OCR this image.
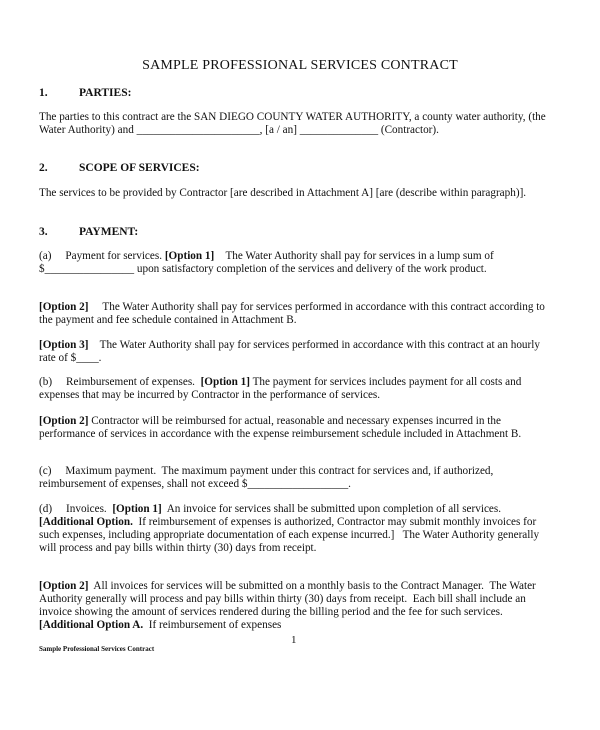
SAMPLE PROFESSIONAL SERVICES CONTRACT
1.	PARTIES:
The parties to this contract are the SAN DIEGO COUNTY WATER AUTHORITY, a county water authority, (the Water Authority) and ______________________, [a / an] ______________ (Contractor).
2.	SCOPE OF SERVICES:
The services to be provided by Contractor [are described in Attachment A] [are (describe within paragraph)].
3.	PAYMENT:
(a)     Payment for services. [Option 1]    The Water Authority shall pay for services in a lump sum of $________________ upon satisfactory completion of the services and delivery of the work product.
[Option 2]     The Water Authority shall pay for services performed in accordance with this contract according to the payment and fee schedule contained in Attachment B.
[Option 3]    The Water Authority shall pay for services performed in accordance with this contract at an hourly rate of $____.
(b)     Reimbursement of expenses.  [Option 1] The payment for services includes payment for all costs and expenses that may be incurred by Contractor in the performance of services.
[Option 2] Contractor will be reimbursed for actual, reasonable and necessary expenses incurred in the performance of services in accordance with the expense reimbursement schedule included in Attachment B.
(c)     Maximum payment.  The maximum payment under this contract for services and, if authorized, reimbursement of expenses, shall not exceed $__________________.
(d)     Invoices.  [Option 1]  An invoice for services shall be submitted upon completion of all services.  [Additional Option.  If reimbursement of expenses is authorized, Contractor may submit monthly invoices for such expenses, including appropriate documentation of each expense incurred.]   The Water Authority generally will process and pay bills within thirty (30) days from receipt.
[Option 2]  All invoices for services will be submitted on a monthly basis to the Contract Manager.  The Water Authority generally will process and pay bills within thirty (30) days from receipt.  Each bill shall include an invoice showing the amount of services rendered during the billing period and the fee for such services.  [Additional Option A.  If reimbursement of expenses
1
Sample Professional Services Contract
